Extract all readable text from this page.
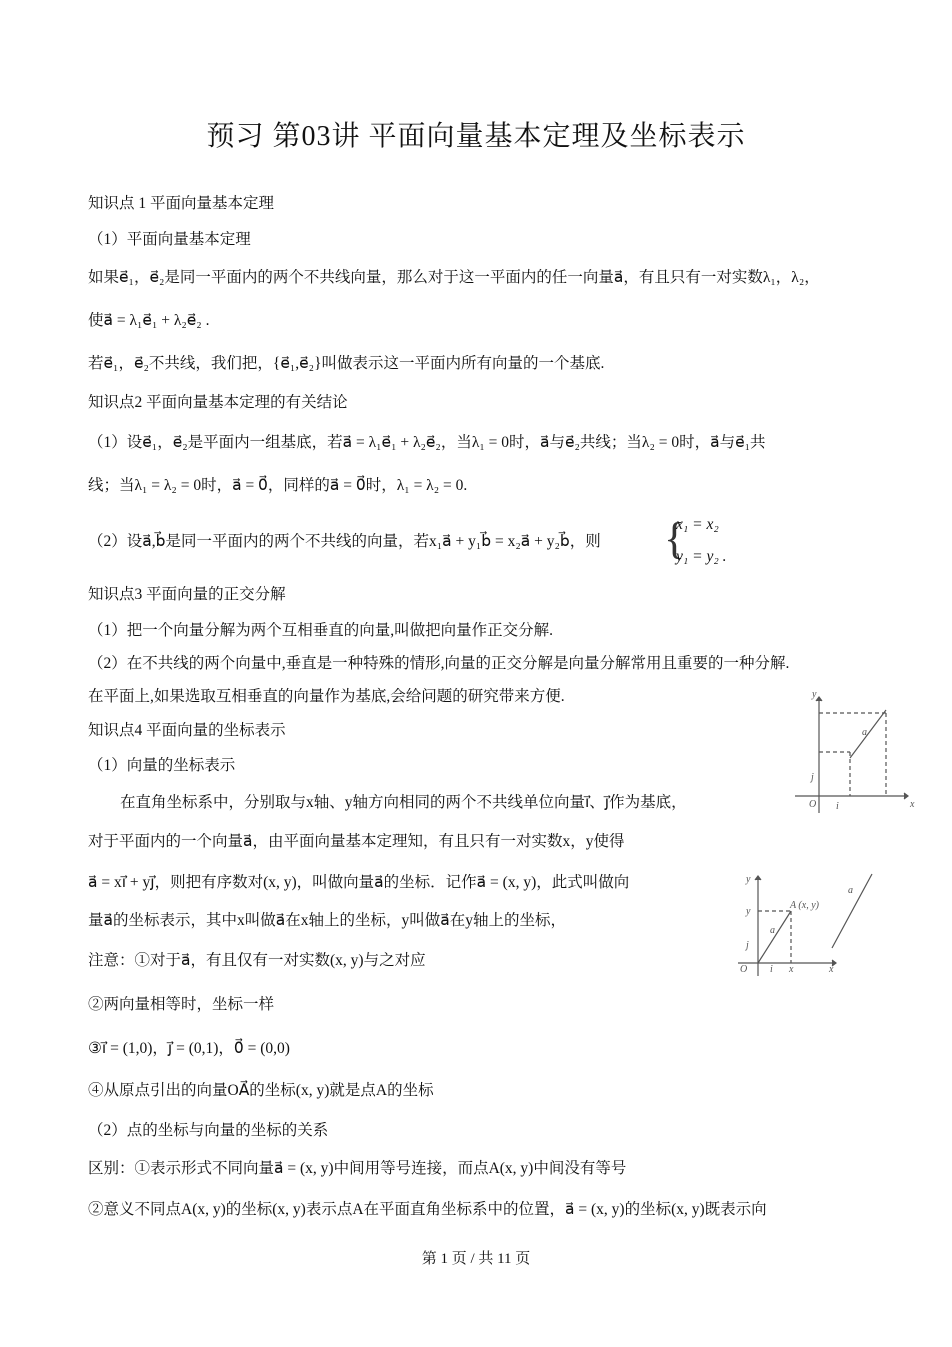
预习 第03讲 平面向量基本定理及坐标表示
知识点 1 平面向量基本定理
（1）平面向量基本定理
如果e⃗₁，e⃗₂是同一平面内的两个不共线向量，那么对于这一平面内的任一向量a⃗，有且只有一对实数λ₁，λ₂，
使a⃗ = λ₁e⃗₁ + λ₂e⃗₂ .
若e⃗₁，e⃗₂不共线，我们把，{e⃗₁,e⃗₂}叫做表示这一平面内所有向量的一个基底.
知识点2 平面向量基本定理的有关结论
（1）设e⃗₁，e⃗₂是平面内一组基底，若a⃗ = λ₁e⃗₁ + λ₂e⃗₂，当λ₁ = 0时，a⃗与e⃗₂共线；当λ₂ = 0时，a⃗与e⃗₁共
线；当λ₁ = λ₂ = 0时，a⃗ = 0⃗，同样的a⃗ = 0⃗时，λ₁ = λ₂ = 0.
（2）设a⃗,b⃗是同一平面内的两个不共线的向量，若x₁a⃗ + y₁b⃗ = x₂a⃗ + y₂b⃗，则 {
x₁ = x₂
y₁ = y₂ .
知识点3 平面向量的正交分解
（1）把一个向量分解为两个互相垂直的向量,叫做把向量作正交分解.
（2）在不共线的两个向量中,垂直是一种特殊的情形,向量的正交分解是向量分解常用且重要的一种分解.
在平面上,如果选取互相垂直的向量作为基底,会给问题的研究带来方便.
知识点4 平面向量的坐标表示
（1）向量的坐标表示
在直角坐标系中，分别取与x轴、y轴方向相同的两个不共线单位向量i⃗、j⃗作为基底，
对于平面内的一个向量a⃗，由平面向量基本定理知，有且只有一对实数x，y使得
a⃗ = xi⃗ + yj⃗，则把有序数对(x, y)，叫做向量a⃗的坐标．记作a⃗ = (x, y)，此式叫做向
量a⃗的坐标表示，其中x叫做a⃗在x轴上的坐标，y叫做a⃗在y轴上的坐标，
注意：①对于a⃗，有且仅有一对实数(x, y)与之对应
②两向量相等时，坐标一样
③i⃗ = (1,0)，j⃗ = (0,1)，0⃗ = (0,0)
④从原点引出的向量OA⃗的坐标(x, y)就是点A的坐标
（2）点的坐标与向量的坐标的关系
区别：①表示形式不同向量a⃗ = (x, y)中间用等号连接，而点A(x, y)中间没有等号
②意义不同点A(x, y)的坐标(x, y)表示点A在平面直角坐标系中的位置，a⃗ = (x, y)的坐标(x, y)既表示向
y
x
O i
j
a
y
x
O i
j
a
a
y
x
A (x, y)
第 1 页 / 共 11 页
